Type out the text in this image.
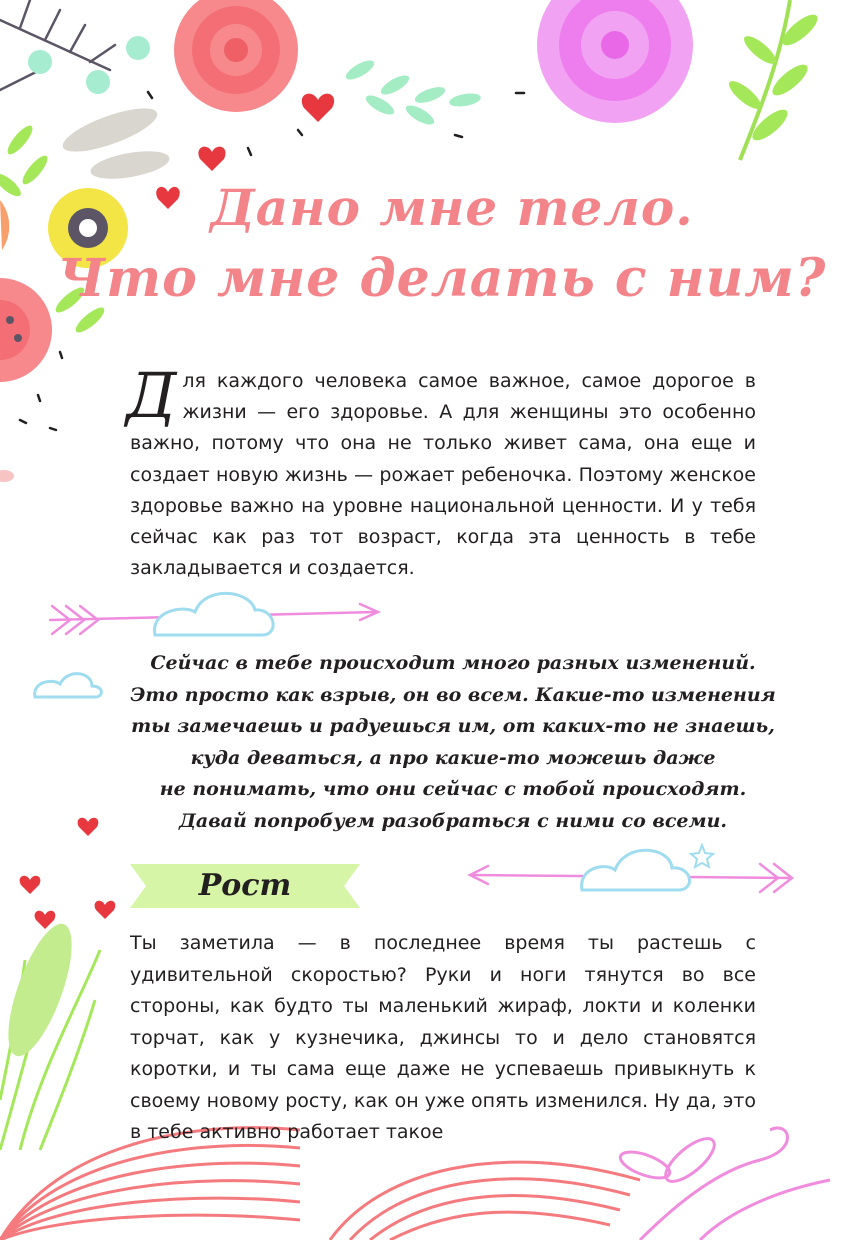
Дано мне тело.
Что мне делать с ним?
Для каждого человека самое важное, самое дорогое в жизни — его здоровье. А для женщины это особенно важно, потому что она не только живет сама, она еще и создает новую жизнь — рожает ребеночка. Поэтому женское здоровье важно на уровне национальной ценности. И у тебя сейчас как раз тот возраст, когда эта ценность в тебе закладывается и создается.
Сейчас в тебе происходит много разных изменений.
Это просто как взрыв, он во всем. Какие-то изменения
ты замечаешь и радуешься им, от каких-то не знаешь,
куда деваться, а про какие-то можешь даже
не понимать, что они сейчас с тобой происходят.
Давай попробуем разобраться с ними со всеми.
Рост
Ты заметила — в последнее время ты растешь с удивительной скоростью? Руки и ноги тянутся во все стороны, как будто ты маленький жираф, локти и коленки торчат, как у кузнечика, джинсы то и дело становятся коротки, и ты сама еще даже не успеваешь привыкнуть к своему новому росту, как он уже опять изменился. Ну да, это в тебе активно работает такое
